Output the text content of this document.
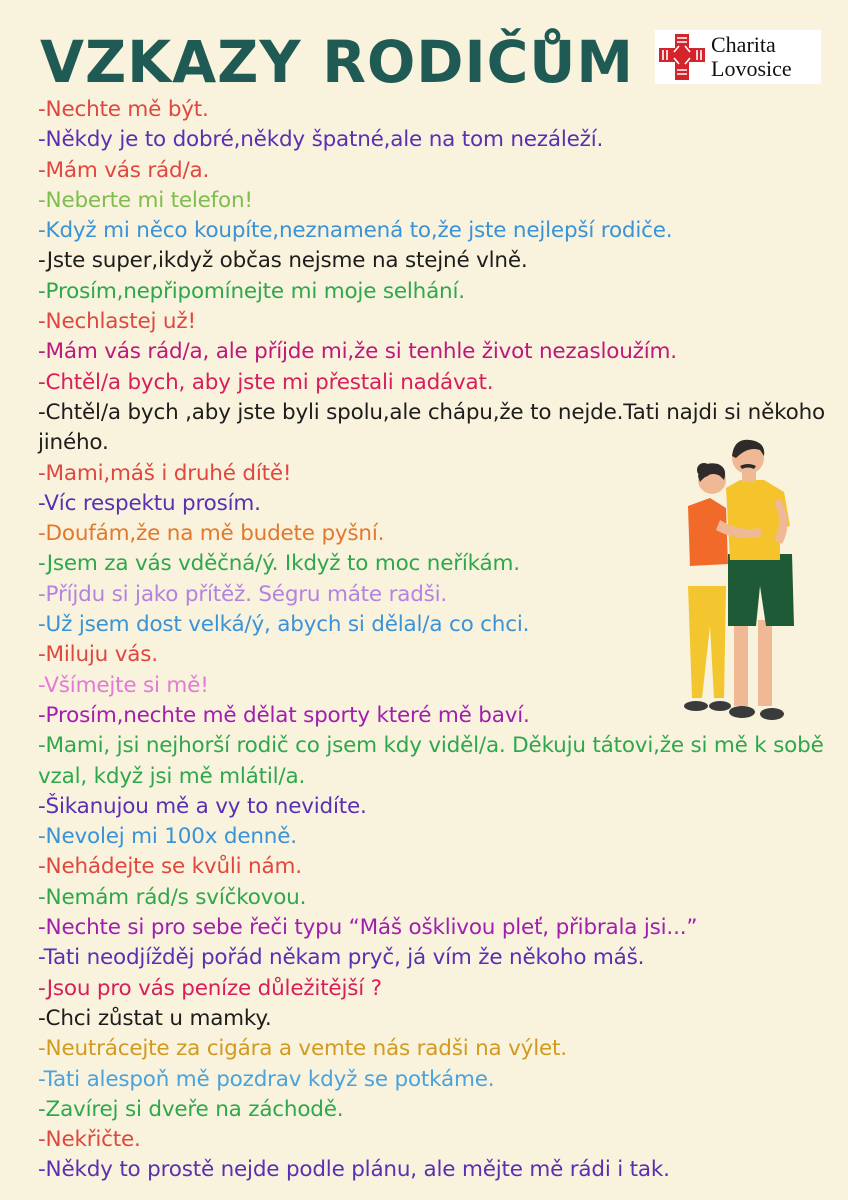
VZKAZY RODIČŮM	Charita
Lovosice
-Nechte mě být.
-Někdy je to dobré,někdy špatné,ale na tom nezáleží.
-Mám vás rád/a.
-Neberte mi telefon!
-Když mi něco koupíte,neznamená to,že jste nejlepší rodiče.
-Jste super,ikdyž občas nejsme na stejné vlně.
-Prosím,nepřipomínejte mi moje selhání.
-Nechlastej už!
-Mám vás rád/a, ale příjde mi,že si tenhle život nezasloužím.
-Chtěl/a bych, aby jste mi přestali nadávat.
-Chtěl/a bych ,aby jste byli spolu,ale chápu,že to nejde.Tati najdi si někoho jiného.
-Mami,máš i druhé dítě!
-Víc respektu prosím.
-Doufám,že na mě budete pyšní.
-Jsem za vás vděčná/ý. Ikdyž to moc neříkám.
-Příjdu si jako přítěž. Ségru máte radši.
-Už jsem dost velká/ý, abych si dělal/a co chci.
-Miluju vás.
-Všímejte si mě!
-Prosím,nechte mě dělat sporty které mě baví.
-Mami, jsi nejhorší rodič co jsem kdy viděl/a. Děkuju tátovi,že si mě k sobě vzal, když jsi mě mlátil/a.
-Šikanujou mě a vy to nevidíte.
-Nevolej mi 100x denně.
-Nehádejte se kvůli nám.
-Nemám rád/s svíčkovou.
-Nechte si pro sebe řeči typu “Máš ošklivou pleť, přibrala jsi...”
-Tati neodjížděj pořád někam pryč, já vím že někoho máš.
-Jsou pro vás peníze důležitější ?
-Chci zůstat u mamky.
-Neutrácejte za cigára a vemte nás radši na výlet.
-Tati alespoň mě pozdrav když se potkáme.
-Zavírej si dveře na záchodě.
-Nekřičte.
-Někdy to prostě nejde podle plánu, ale mějte mě rádi i tak.
